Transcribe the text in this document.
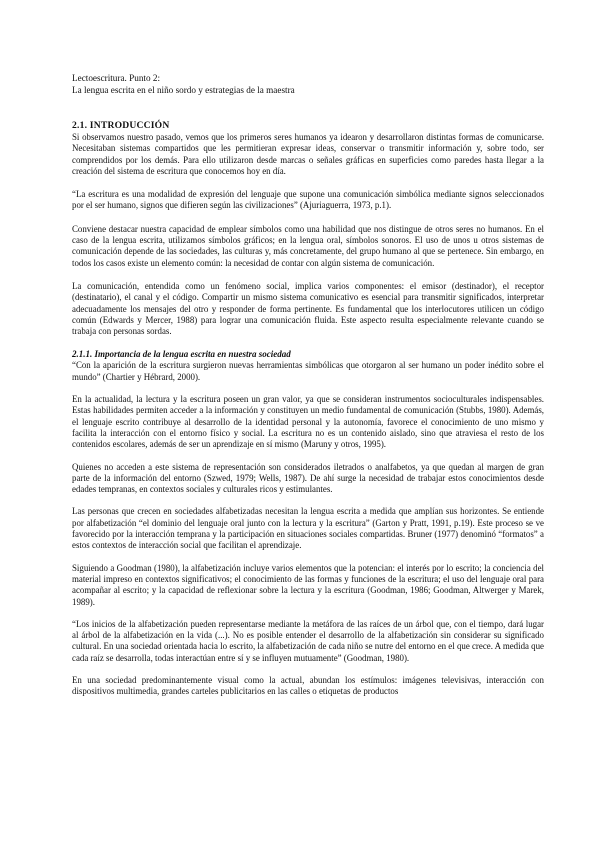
Lectoescritura. Punto 2:
La lengua escrita en el niño sordo y estrategias de la maestra
2.1. INTRODUCCIÓN

Si observamos nuestro pasado, vemos que los primeros seres humanos ya idearon y desarrollaron distintas formas de comunicarse. Necesitaban sistemas compartidos que les permitieran expresar ideas, conservar o transmitir información y, sobre todo, ser comprendidos por los demás. Para ello utilizaron desde marcas o señales gráficas en superficies como paredes hasta llegar a la creación del sistema de escritura que conocemos hoy en día.

“La escritura es una modalidad de expresión del lenguaje que supone una comunicación simbólica mediante signos seleccionados por el ser humano, signos que difieren según las civilizaciones” (Ajuriaguerra, 1973, p.1).

Conviene destacar nuestra capacidad de emplear símbolos como una habilidad que nos distingue de otros seres no humanos. En el caso de la lengua escrita, utilizamos símbolos gráficos; en la lengua oral, símbolos sonoros. El uso de unos u otros sistemas de comunicación depende de las sociedades, las culturas y, más concretamente, del grupo humano al que se pertenece. Sin embargo, en todos los casos existe un elemento común: la necesidad de contar con algún sistema de comunicación.

La comunicación, entendida como un fenómeno social, implica varios componentes: el emisor (destinador), el receptor (destinatario), el canal y el código. Compartir un mismo sistema comunicativo es esencial para transmitir significados, interpretar adecuadamente los mensajes del otro y responder de forma pertinente. Es fundamental que los interlocutores utilicen un código común (Edwards y Mercer, 1988) para lograr una comunicación fluida. Este aspecto resulta especialmente relevante cuando se trabaja con personas sordas.

2.1.1. Importancia de la lengua escrita en nuestra sociedad

“Con la aparición de la escritura surgieron nuevas herramientas simbólicas que otorgaron al ser humano un poder inédito sobre el mundo” (Chartier y Hébrard, 2000).

En la actualidad, la lectura y la escritura poseen un gran valor, ya que se consideran instrumentos socioculturales indispensables. Estas habilidades permiten acceder a la información y constituyen un medio fundamental de comunicación (Stubbs, 1980). Además, el lenguaje escrito contribuye al desarrollo de la identidad personal y la autonomía, favorece el conocimiento de uno mismo y facilita la interacción con el entorno físico y social. La escritura no es un contenido aislado, sino que atraviesa el resto de los contenidos escolares, además de ser un aprendizaje en sí mismo (Maruny y otros, 1995).

Quienes no acceden a este sistema de representación son considerados iletrados o analfabetos, ya que quedan al margen de gran parte de la información del entorno (Szwed, 1979; Wells, 1987). De ahí surge la necesidad de trabajar estos conocimientos desde edades tempranas, en contextos sociales y culturales ricos y estimulantes.

Las personas que crecen en sociedades alfabetizadas necesitan la lengua escrita a medida que amplían sus horizontes. Se entiende por alfabetización “el dominio del lenguaje oral junto con la lectura y la escritura” (Garton y Pratt, 1991, p.19). Este proceso se ve favorecido por la interacción temprana y la participación en situaciones sociales compartidas. Bruner (1977) denominó “formatos” a estos contextos de interacción social que facilitan el aprendizaje.

Siguiendo a Goodman (1980), la alfabetización incluye varios elementos que la potencian: el interés por lo escrito; la conciencia del material impreso en contextos significativos; el conocimiento de las formas y funciones de la escritura; el uso del lenguaje oral para acompañar al escrito; y la capacidad de reflexionar sobre la lectura y la escritura (Goodman, 1986; Goodman, Altwerger y Marek, 1989).

“Los inicios de la alfabetización pueden representarse mediante la metáfora de las raíces de un árbol que, con el tiempo, dará lugar al árbol de la alfabetización en la vida (...). No es posible entender el desarrollo de la alfabetización sin considerar su significado cultural. En una sociedad orientada hacia lo escrito, la alfabetización de cada niño se nutre del entorno en el que crece. A medida que cada raíz se desarrolla, todas interactúan entre sí y se influyen mutuamente” (Goodman, 1980).

En una sociedad predominantemente visual como la actual, abundan los estímulos: imágenes televisivas, interacción con dispositivos multimedia, grandes carteles publicitarios en las calles o etiquetas de productos
